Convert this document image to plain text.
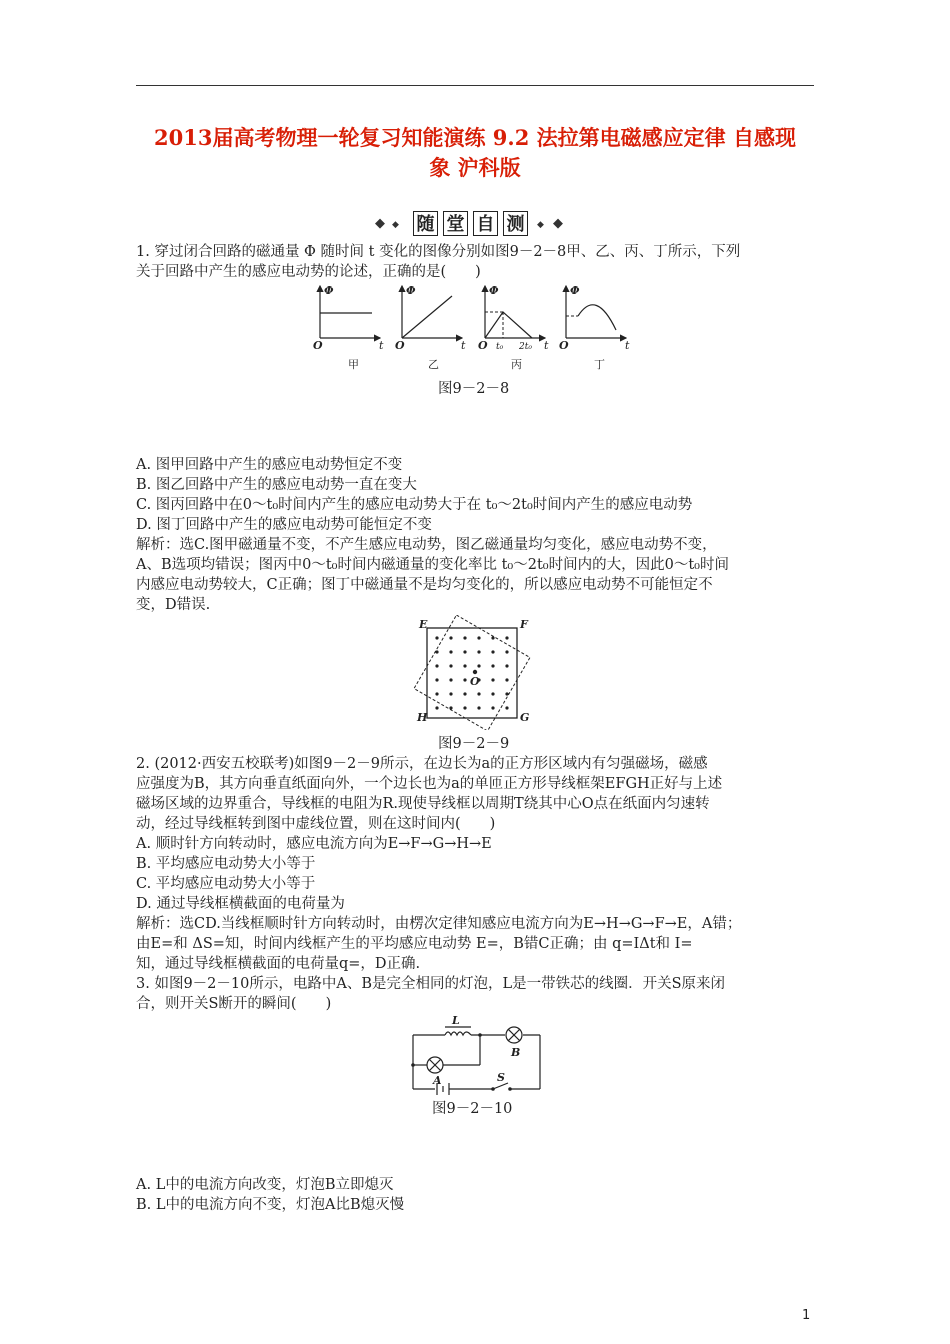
2013届高考物理一轮复习知能演练 9.2 法拉第电磁感应定律 自感现
象 沪科版
◆ ◆ 随 堂 自 测	◆ ◆
1. 穿过闭合回路的磁通量 Φ 随时间 t 变化的图像分别如图9－2－8甲、乙、丙、丁所示，下列
关于回路中产生的感应电动势的论述，正确的是(　　)
Φ
O	t
甲
Φ
O	t
乙
Φ
O t₀ 2t₀ t
丙
Φ
O	t
丁
图9－2－8
A. 图甲回路中产生的感应电动势恒定不变
B. 图乙回路中产生的感应电动势一直在变大
C. 图丙回路中在0～t₀时间内产生的感应电动势大于在 t₀～2t₀时间内产生的感应电动势
D. 图丁回路中产生的感应电动势可能恒定不变
解析：选C.图甲磁通量不变，不产生感应电动势，图乙磁通量均匀变化，感应电动势不变，
A、B选项均错误；图丙中0～t₀时间内磁通量的变化率比 t₀～2t₀时间内的大，因此0～t₀时间
内感应电动势较大，C正确；图丁中磁通量不是均匀变化的，所以感应电动势不可能恒定不
变，D错误.
E	F
G
H
O
图9－2－9
2. (2012·西安五校联考)如图9－2－9所示，在边长为a的正方形区域内有匀强磁场，磁感
应强度为B，其方向垂直纸面向外，一个边长也为a的单匝正方形导线框架EFGH正好与上述
磁场区域的边界重合，导线框的电阻为R.现使导线框以周期T绕其中心O点在纸面内匀速转
动，经过导线框转到图中虚线位置，则在这时间内(　　)
A. 顺时针方向转动时，感应电流方向为E→F→G→H→E
B. 平均感应电动势大小等于
C. 平均感应电动势大小等于
D. 通过导线框横截面的电荷量为
解析：选CD.当线框顺时针方向转动时，由楞次定律知感应电流方向为E→H→G→F→E，A错；
由E=和 ΔS=知，时间内线框产生的平均感应电动势 E=，B错C正确；由 q=IΔt和 I=
知，通过导线框横截面的电荷量q=，D正确.
3. 如图9－2－10所示，电路中A、B是完全相同的灯泡，L是一带铁芯的线圈．开关S原来闭
合，则开关S断开的瞬间(　　)
L
A
B
S
图9－2－10
A. L中的电流方向改变，灯泡B立即熄灭
B. L中的电流方向不变，灯泡A比B熄灭慢
1
